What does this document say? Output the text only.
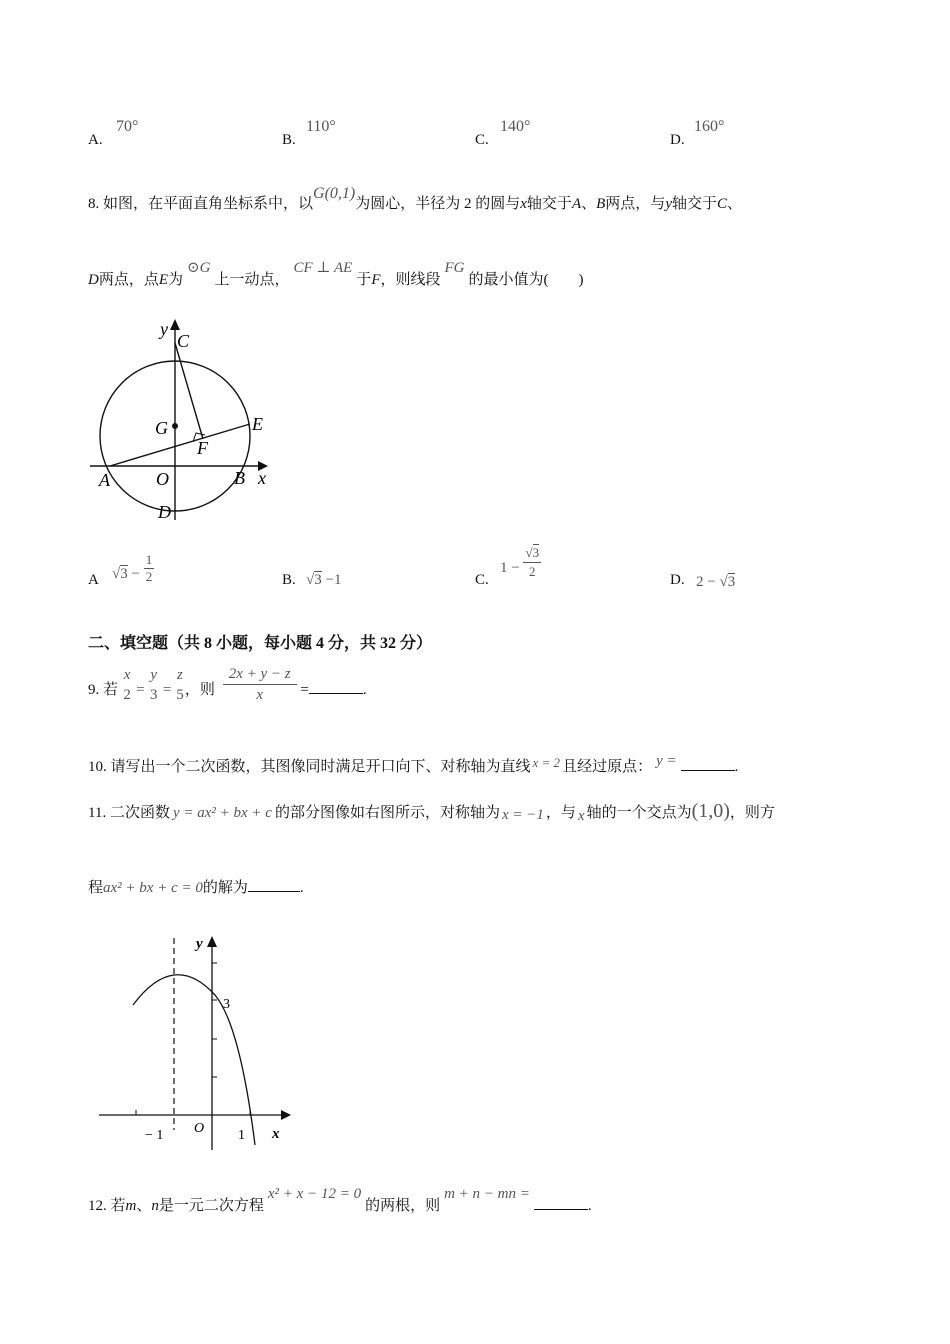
A.
70°
B.
110°
C.
140°
D.
160°
8. 如图，在平面直角坐标系中，以G(0,1)为圆心，半径为 2 的圆与x轴交于A、B两点，与y轴交于C、
D两点，点E为⊙G上一动点，CF ⊥ AE于F，则线段FG的最小值为(　　)
y
C
G	E
F
A	O	B x
D
A $√3 - \frac{1}{2}$	B. √3 −1	C.
$1 - \frac{√3}{2}$	D. 2 − √3
二、填空题（共 8 小题，每小题 4 分，共 32 分）
9. 若
x
2 =
y
3 =
z
5 ，则 $\frac{2x + y - z}{x}$ =	.
10. 请写出一个二次函数，其图像同时满足开口向下、对称轴为直线 x = 2 且经过原点： y =	.
11. 二次函数 y = ax² + bx + c 的部分图像如右图所示，对称轴为 x = −1 ，与 x 轴的一个交点为(1,0)，则方
程ax² + bx + c = 0的解为	.
y
3
− 1 O 1 x
12. 若m、n是一元二次方程x² + x − 12 = 0的两根，则m + n − mn =.
